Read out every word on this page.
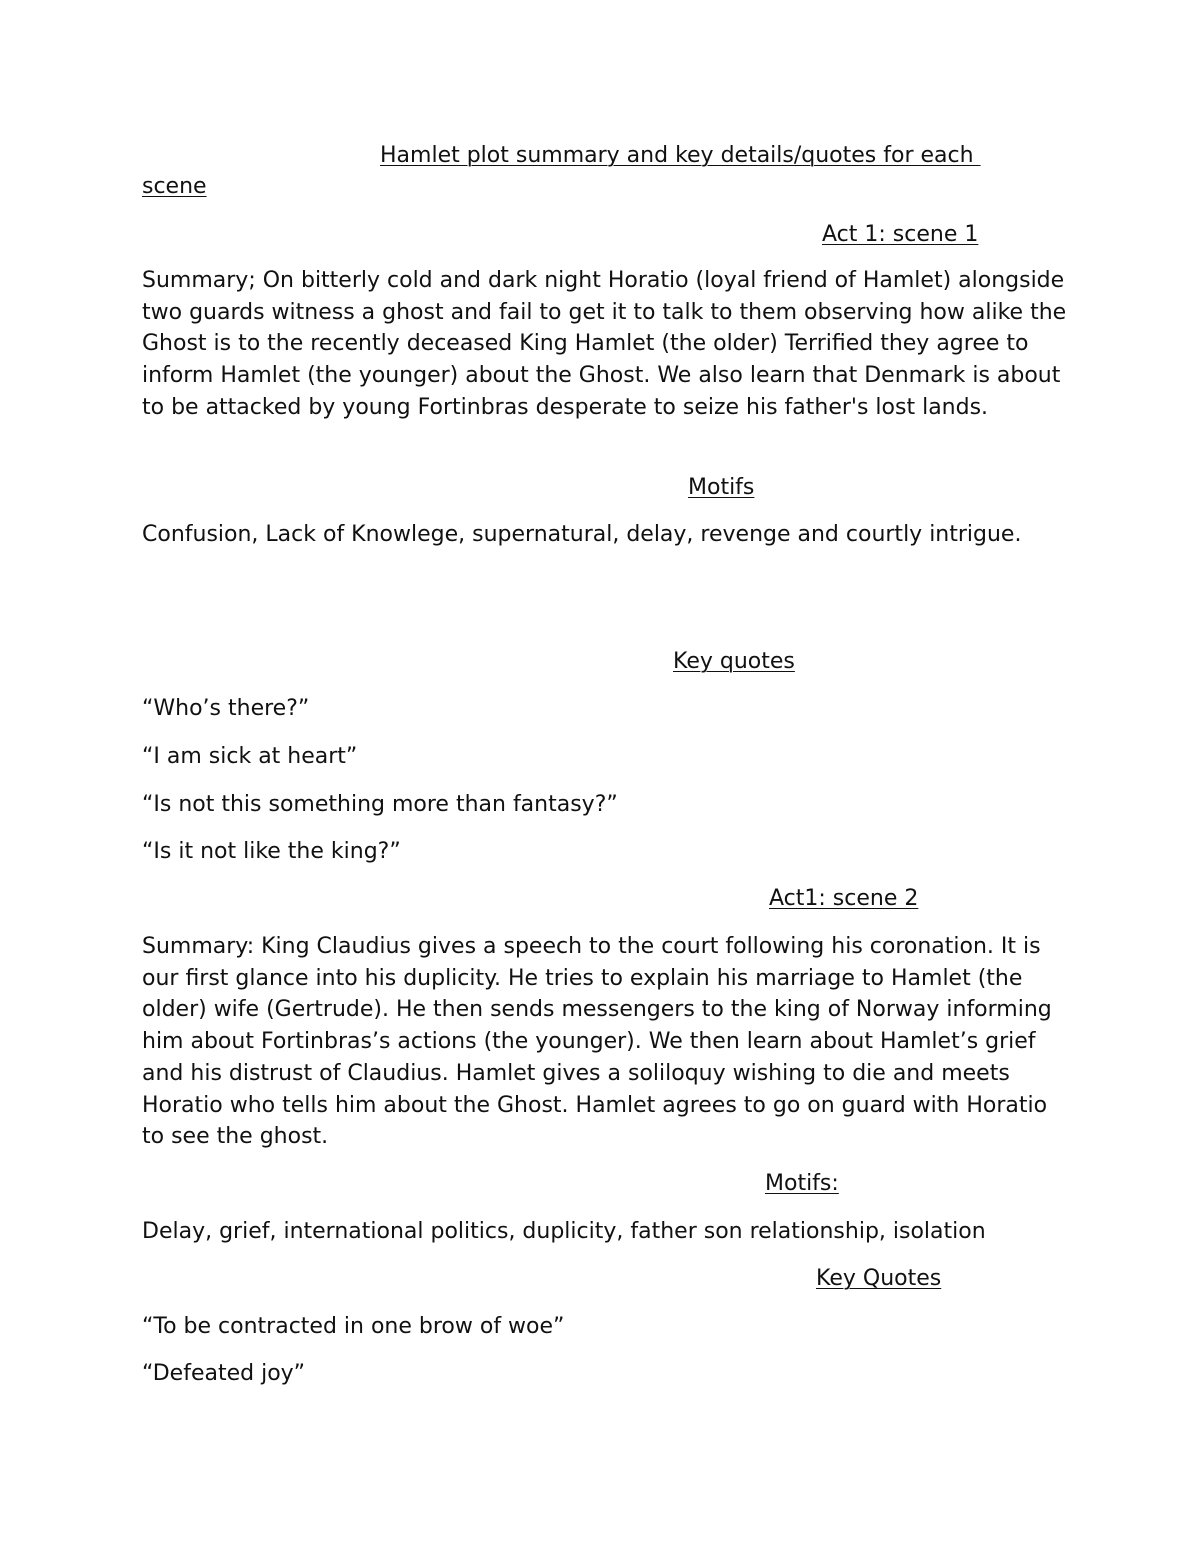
Hamlet plot summary and key details/quotes for each
scene
Act 1: scene 1
Summary; On bitterly cold and dark night Horatio (loyal friend of Hamlet) alongside two guards witness a ghost and fail to get it to talk to them observing how alike the Ghost is to the recently deceased King Hamlet (the older) Terrified they agree to inform Hamlet (the younger) about the Ghost. We also learn that Denmark is about to be attacked by young Fortinbras desperate to seize his father's lost lands.
Motifs
Confusion, Lack of Knowlege, supernatural, delay, revenge and courtly intrigue.
Key quotes
“Who’s there?”
“I am sick at heart”
“Is not this something more than fantasy?”
“Is it not like the king?”
Act1: scene 2
Summary: King Claudius gives a speech to the court following his coronation. It is our first glance into his duplicity. He tries to explain his marriage to Hamlet (the older) wife (Gertrude). He then sends messengers to the king of Norway informing him about Fortinbras’s actions (the younger). We then learn about Hamlet’s grief and his distrust of Claudius. Hamlet gives a soliloquy wishing to die and meets Horatio who tells him about the Ghost. Hamlet agrees to go on guard with Horatio to see the ghost.
Motifs:
Delay, grief, international politics, duplicity, father son relationship, isolation
Key Quotes
“To be contracted in one brow of woe”
“Defeated joy”
